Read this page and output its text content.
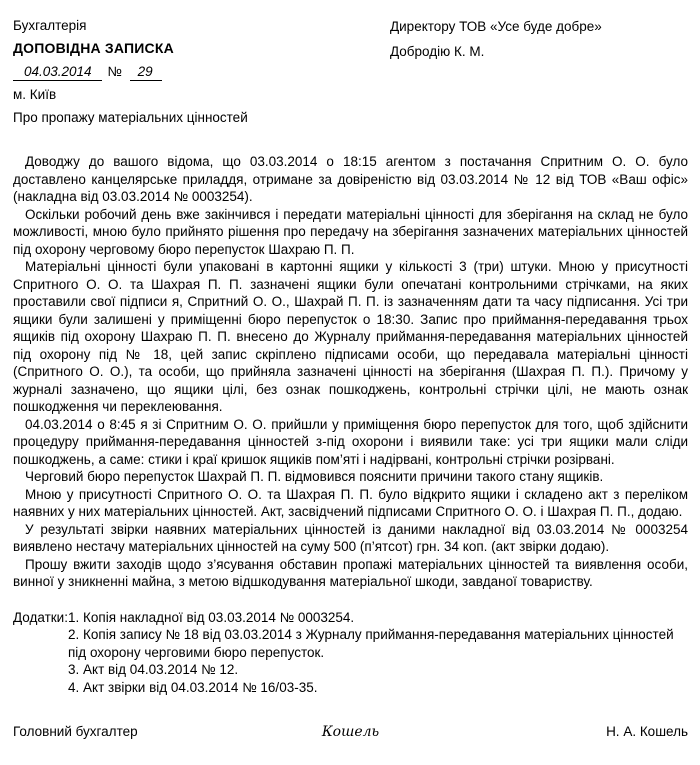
Бухгалтерія
ДОПОВІДНА ЗАПИСКА
04.03.2014 № 29
м. Київ
Про пропажу матеріальних цінностей
Директору ТОВ «Усе буде добре»
Добродію К. М.

Доводжу до вашого відома, що 03.03.2014 о 18:15 агентом з постачання Спритним О. О. було доставлено канцелярське приладдя, отримане за довіреністю від 03.03.2014 № 12 від ТОВ «Ваш офіс» (накладна від 03.03.2014 № 0003254).

Оскільки робочий день вже закінчився і передати матеріальні цінності для зберігання на склад не було можливості, мною було прийнято рішення про передачу на зберігання зазначених матеріальних цінностей під охорону черговому бюро перепусток Шахраю П. П.

Матеріальні цінності були упаковані в картонні ящики у кількості 3 (три) штуки. Мною у присутності Спритного О. О. та Шахрая П. П. зазначені ящики були опечатані контрольними стрічками, на яких проставили свої підписи я, Спритний О. О., Шахрай П. П. із зазначенням дати та часу підписання. Усі три ящики були залишені у приміщенні бюро перепусток о 18:30. Запис про приймання-передавання трьох ящиків під охорону Шахраю П. П. внесено до Журналу приймання-передавання матеріальних цінностей під охорону під № 18, цей запис скріплено підписами особи, що передавала матеріальні цінності (Спритного О. О.), та особи, що прийняла зазначені цінності на зберігання (Шахрая П. П.). Причому у журналі зазначено, що ящики цілі, без ознак пошкоджень, контрольні стрічки цілі, не мають ознак пошкодження чи переклеювання.

04.03.2014 о 8:45 я зі Спритним О. О. прийшли у приміщення бюро перепусток для того, щоб здійснити процедуру приймання-передавання цінностей з-під охорони і виявили таке: усі три ящики мали сліди пошкоджень, а саме: стики і краї кришок ящиків пом’яті і надірвані, контрольні стрічки розірвані.

Черговий бюро перепусток Шахрай П. П. відмовився пояснити причини такого стану ящиків.

Мною у присутності Спритного О. О. та Шахрая П. П. було відкрито ящики і складено акт з переліком наявних у них матеріальних цінностей. Акт, засвідчений підписами Спритного О. О. і Шахрая П. П., додаю.

У результаті звірки наявних матеріальних цінностей із даними накладної від 03.03.2014 № 0003254 виявлено нестачу матеріальних цінностей на суму 500 (п’ятсот) грн. 34 коп. (акт звірки додаю).

Прошу вжити заходів щодо з’ясування обставин пропажі матеріальних цінностей та виявлення особи, винної у зникненні майна, з метою відшкодування матеріальної шкоди, завданої товариству.

Додатки: 1. Копія накладної від 03.03.2014 № 0003254.
2. Копія запису № 18 від 03.03.2014 з Журналу приймання-передавання матеріальних цінностей під охорону черговими бюро перепусток.
3. Акт від 04.03.2014 № 12.
4. Акт звірки від 04.03.2014 № 16/03-35.
Головний бухгалтер	Кошель	Н. А. Кошель
